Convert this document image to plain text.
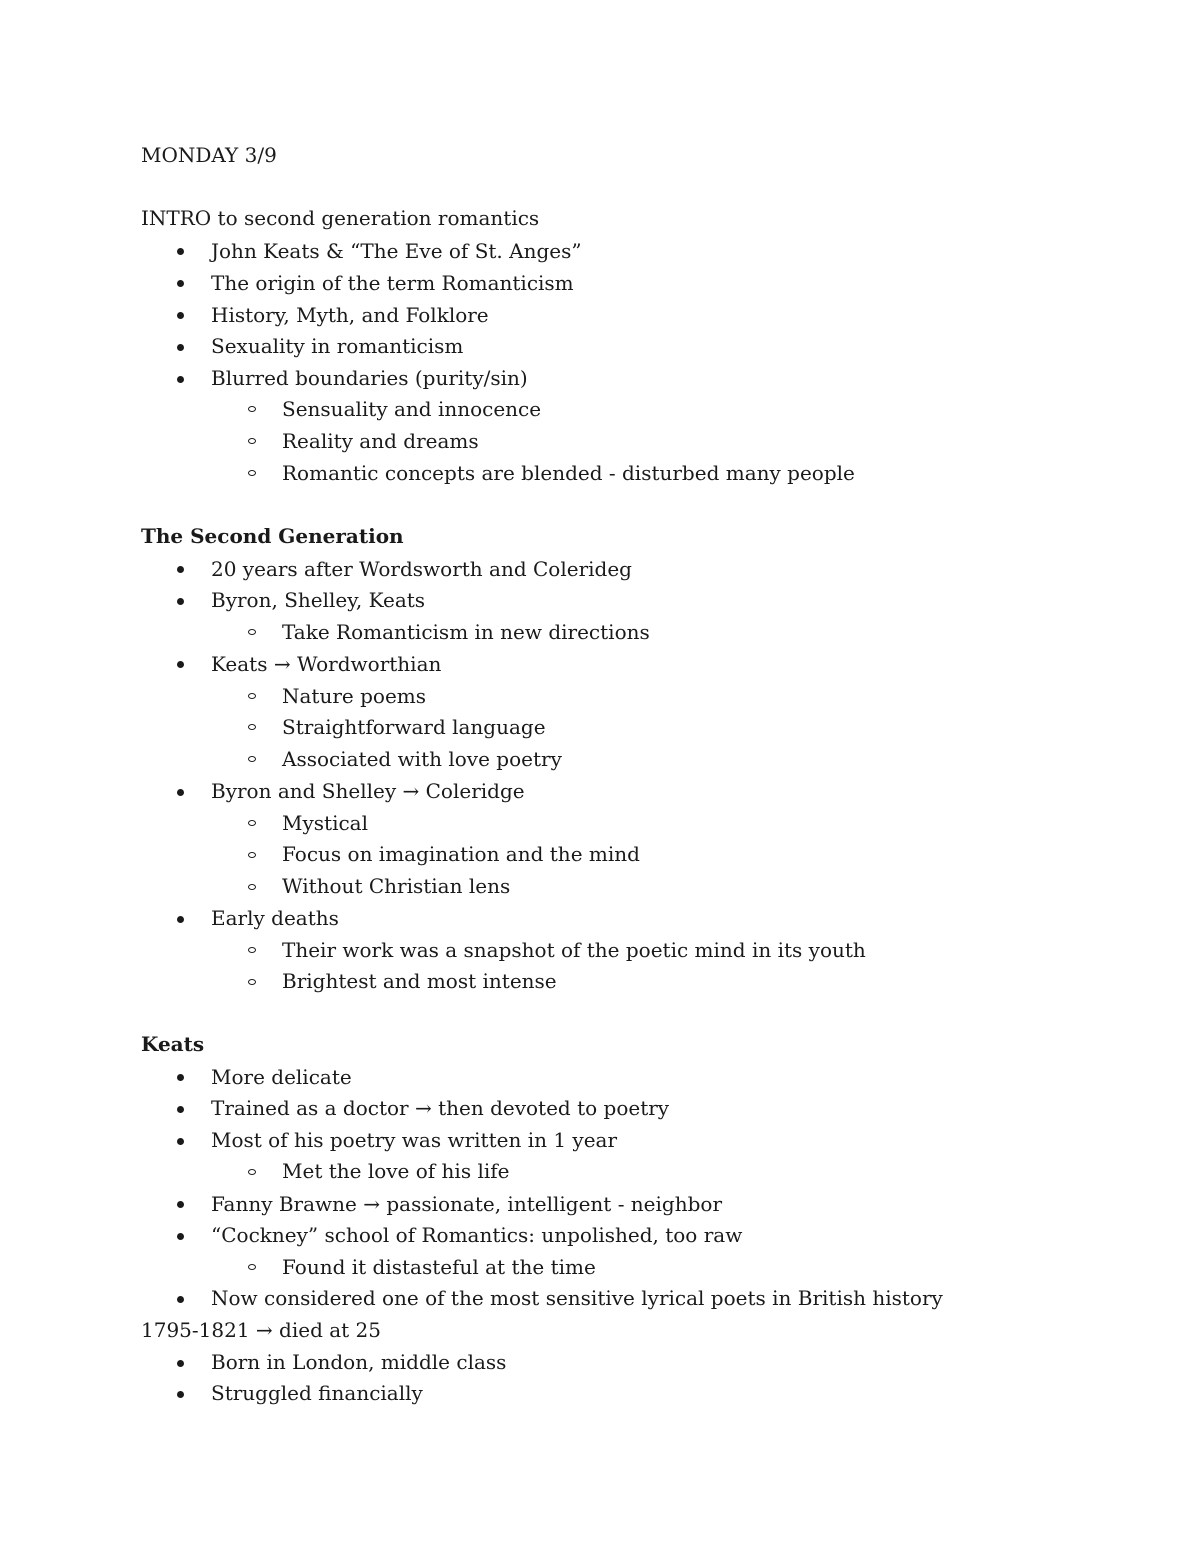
MONDAY 3/9
INTRO to second generation romantics
John Keats & “The Eve of St. Anges”
The origin of the term Romanticism
History, Myth, and Folklore
Sexuality in romanticism
Blurred boundaries (purity/sin)
Sensuality and innocence
Reality and dreams
Romantic concepts are blended - disturbed many people
The Second Generation
20 years after Wordsworth and Colerideg
Byron, Shelley, Keats
Take Romanticism in new directions
Keats → Wordworthian
Nature poems
Straightforward language
Associated with love poetry
Byron and Shelley → Coleridge
Mystical
Focus on imagination and the mind
Without Christian lens
Early deaths
Their work was a snapshot of the poetic mind in its youth
Brightest and most intense
Keats
More delicate
Trained as a doctor → then devoted to poetry
Most of his poetry was written in 1 year
Met the love of his life
Fanny Brawne → passionate, intelligent - neighbor
“Cockney” school of Romantics: unpolished, too raw
Found it distasteful at the time
Now considered one of the most sensitive lyrical poets in British history
1795-1821 → died at 25
Born in London, middle class
Struggled financially
